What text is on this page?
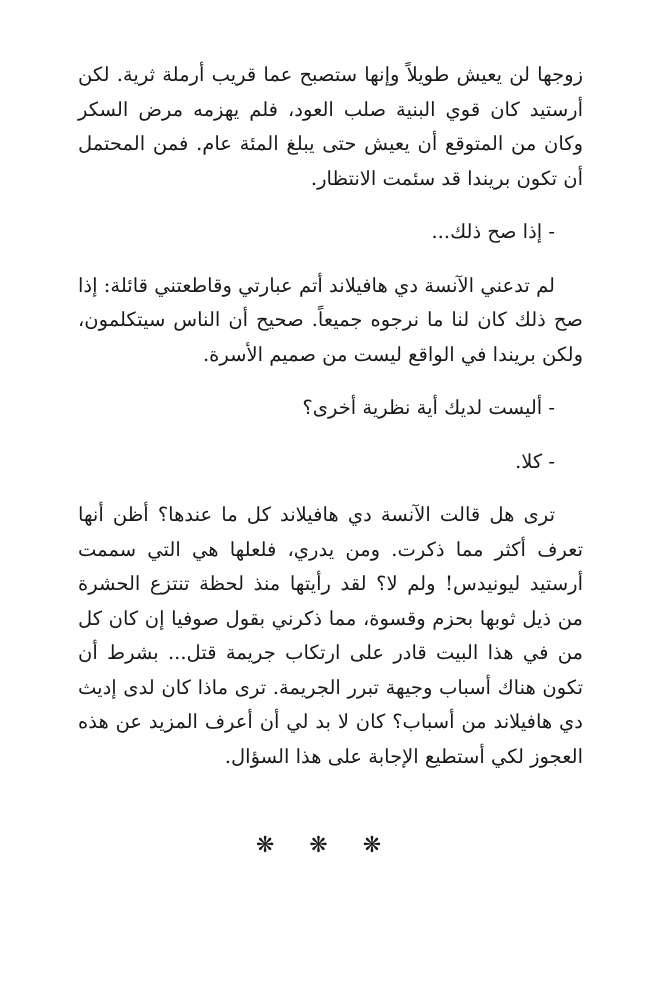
زوجها لن يعيش طويلاً وإنها ستصبح عما قريب أرملة ثرية. لكن أرستيد كان قوي البنية صلب العود، فلم يهزمه مرض السكر وكان من المتوقع أن يعيش حتى يبلغ المئة عام. فمن المحتمل أن تكون بريندا قد سئمت الانتظار.

- إذا صح ذلك...

لم تدعني الآنسة دي هافيلاند أتم عبارتي وقاطعتني قائلة: إذا صح ذلك كان لنا ما نرجوه جميعاً. صحيح أن الناس سيتكلمون، ولكن بريندا في الواقع ليست من صميم الأسرة.

- أليست لديك أية نظرية أخرى؟

- كلا.

ترى هل قالت الآنسة دي هافيلاند كل ما عندها؟ أظن أنها تعرف أكثر مما ذكرت. ومن يدري، فلعلها هي التي سممت أرستيد ليونيدس! ولم لا؟ لقد رأيتها منذ لحظة تنتزع الحشرة من ذيل ثوبها بحزم وقسوة، مما ذكرني بقول صوفيا إن كان كل من في هذا البيت قادر على ارتكاب جريمة قتل... بشرط أن تكون هناك أسباب وجيهة تبرر الجريمة. ترى ماذا كان لدى إديث دي هافيلاند من أسباب؟ كان لا بد لي أن أعرف المزيد عن هذه العجوز لكي أستطيع الإجابة على هذا السؤال.

❋ ❋ ❋
